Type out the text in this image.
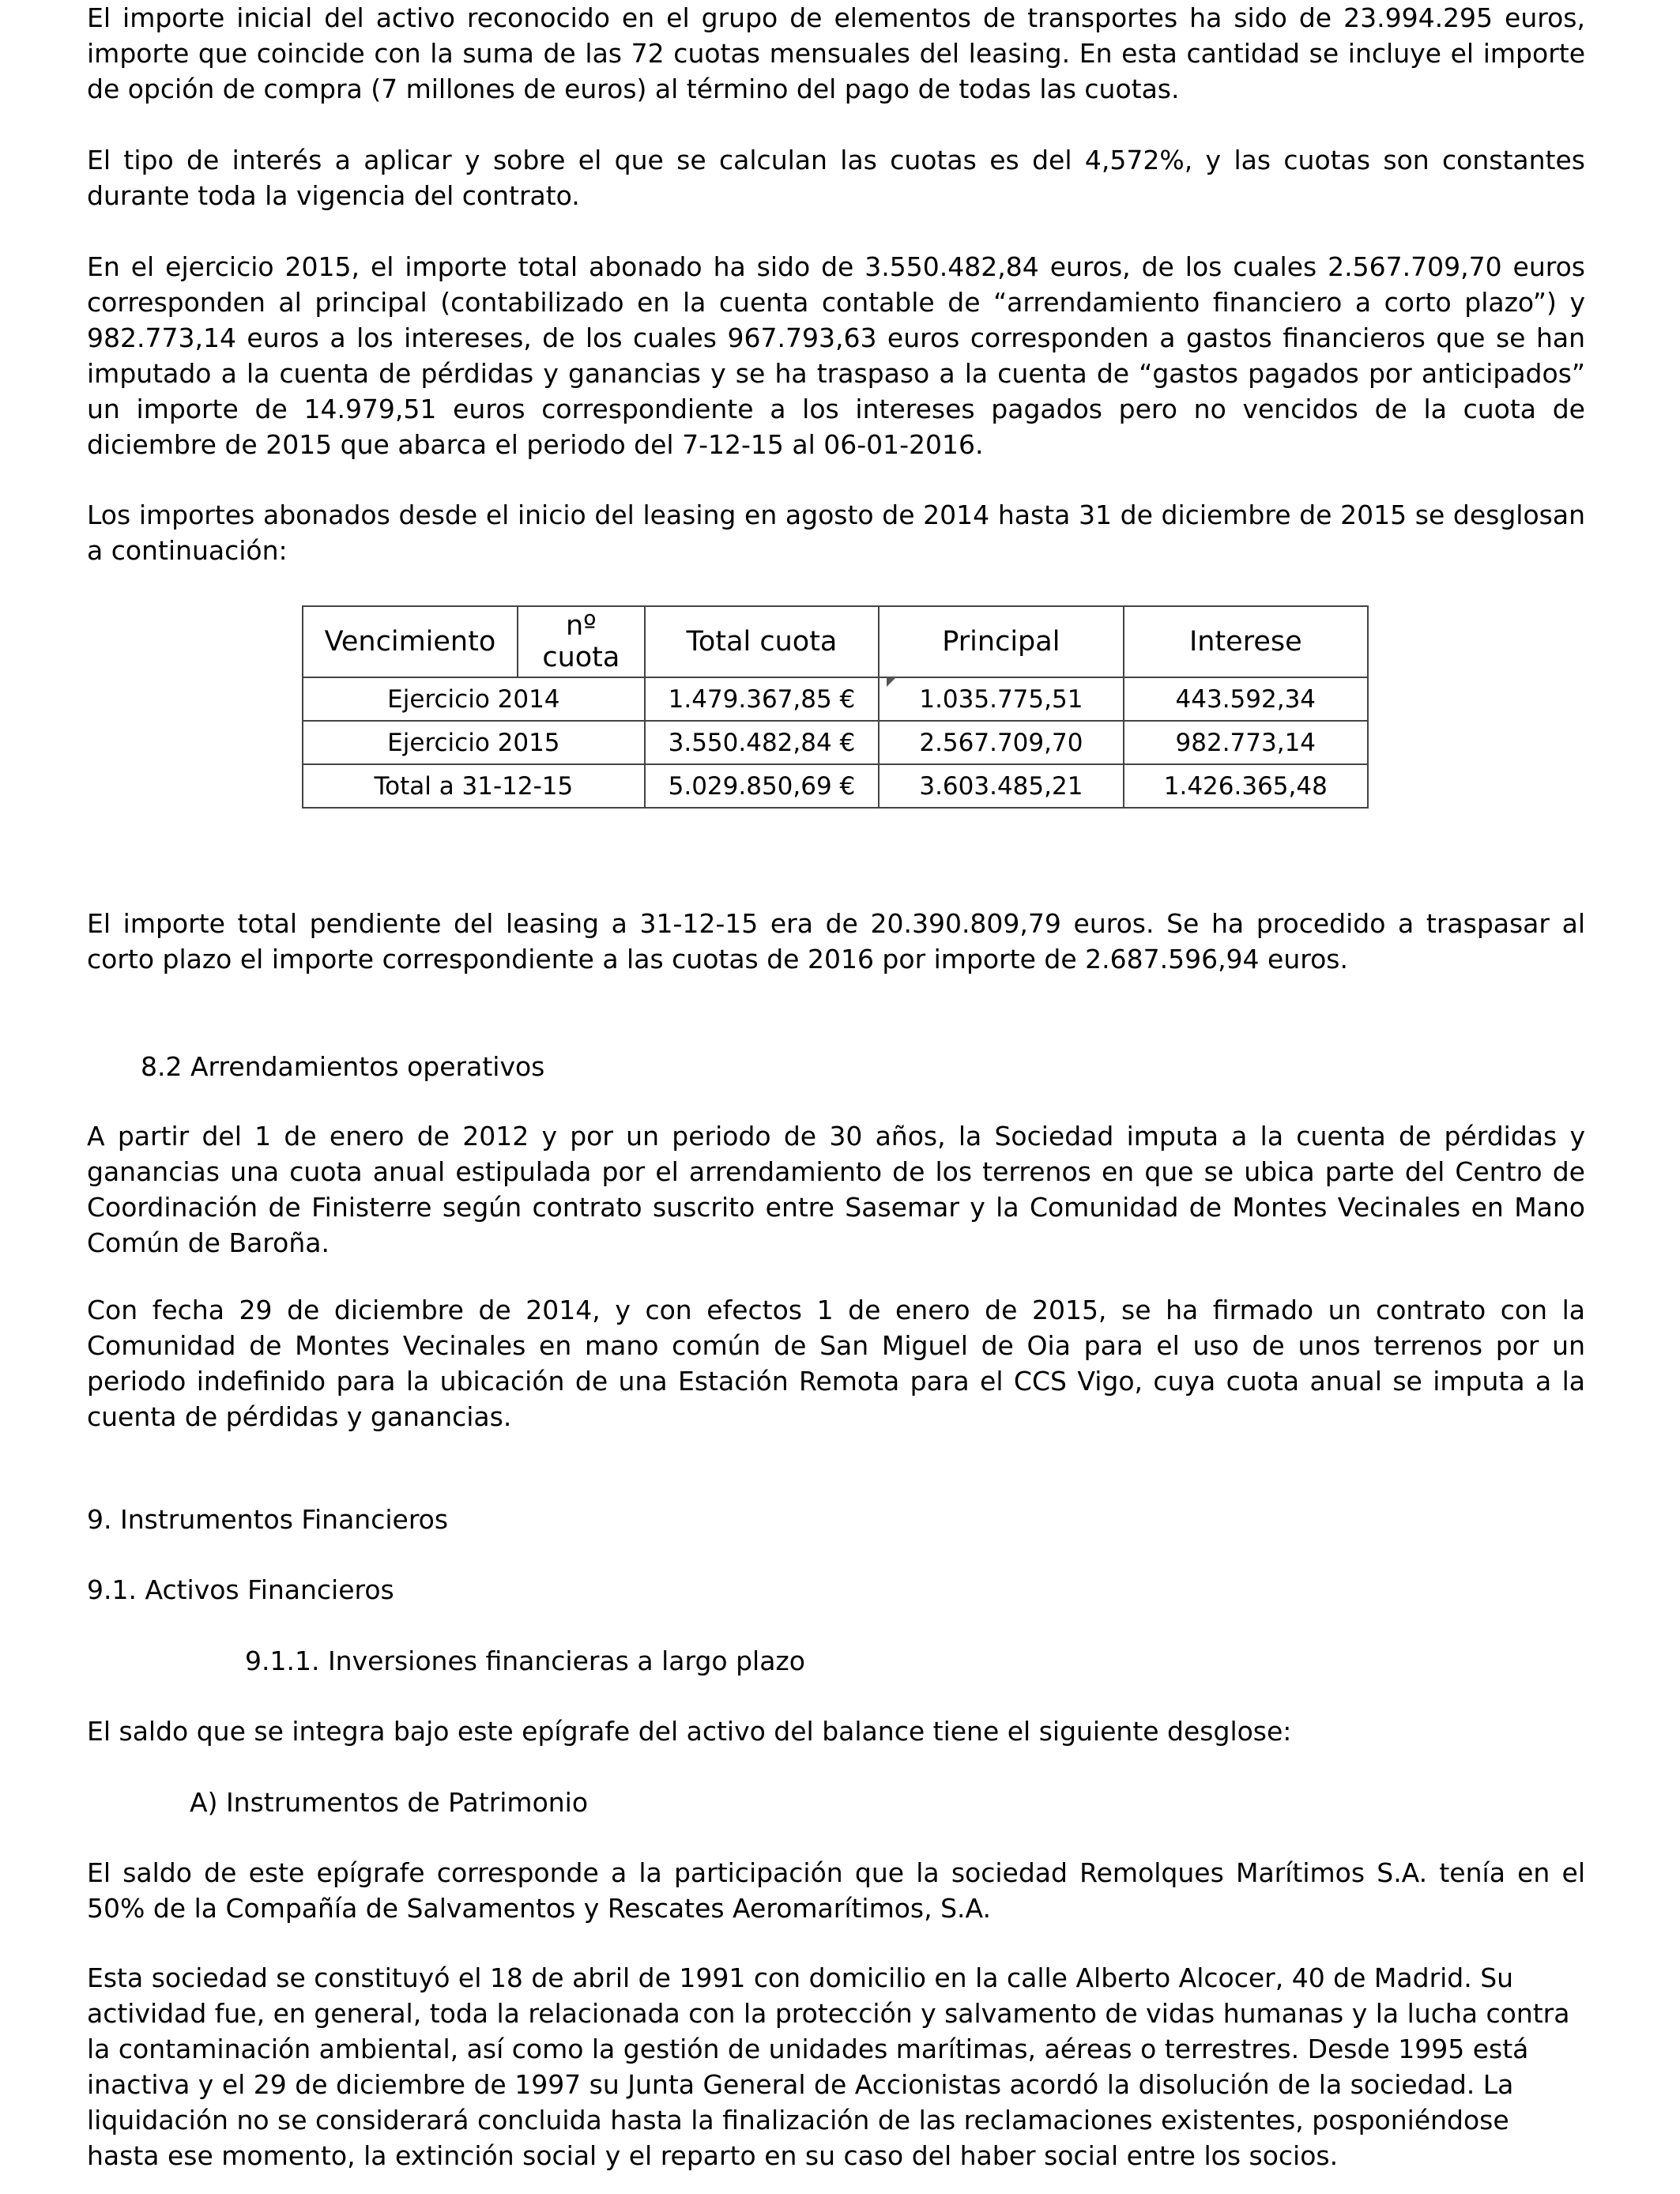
El importe inicial del activo reconocido en el grupo de elementos de transportes ha sido de 23.994.295 euros, importe que coincide con la suma de las 72 cuotas mensuales del leasing. En esta cantidad se incluye el importe de opción de compra (7 millones de euros) al término del pago de todas las cuotas.

El tipo de interés a aplicar y sobre el que se calculan las cuotas es del 4,572%, y las cuotas son constantes durante toda la vigencia del contrato.

En el ejercicio 2015, el importe total abonado ha sido de 3.550.482,84 euros, de los cuales 2.567.709,70 euros corresponden al principal (contabilizado en la cuenta contable de “arrendamiento financiero a corto plazo”) y 982.773,14 euros a los intereses, de los cuales 967.793,63 euros corresponden a gastos financieros que se han imputado a la cuenta de pérdidas y ganancias y se ha traspaso a la cuenta de “gastos pagados por anticipados” un importe de 14.979,51 euros correspondiente a los intereses pagados pero no vencidos de la cuota de diciembre de 2015 que abarca el periodo del 7-12-15 al 06-01-2016.

Los importes abonados desde el inicio del leasing en agosto de 2014 hasta 31 de diciembre de 2015 se desglosan a continuación:

Vencimiento	nº cuota	Total cuota	Principal	Interese
Ejercicio 2014		1.479.367,85 €	1.035.775,51	443.592,34
Ejercicio 2015		3.550.482,84 €	2.567.709,70	982.773,14
Total a 31-12-15		5.029.850,69 €	3.603.485,21	1.426.365,48

El importe total pendiente del leasing a 31-12-15 era de 20.390.809,79 euros. Se ha procedido a traspasar al corto plazo el importe correspondiente a las cuotas de 2016 por importe de 2.687.596,94 euros.

8.2 Arrendamientos operativos

A partir del 1 de enero de 2012 y por un periodo de 30 años, la Sociedad imputa a la cuenta de pérdidas y ganancias una cuota anual estipulada por el arrendamiento de los terrenos en que se ubica parte del Centro de Coordinación de Finisterre según contrato suscrito entre Sasemar y la Comunidad de Montes Vecinales en Mano Común de Baroña.

Con fecha 29 de diciembre de 2014, y con efectos 1 de enero de 2015, se ha firmado un contrato con la Comunidad de Montes Vecinales en mano común de San Miguel de Oia para el uso de unos terrenos por un periodo indefinido para la ubicación de una Estación Remota para el CCS Vigo, cuya cuota anual se imputa a la cuenta de pérdidas y ganancias.

9. Instrumentos Financieros

9.1. Activos Financieros

9.1.1. Inversiones financieras a largo plazo

El saldo que se integra bajo este epígrafe del activo del balance tiene el siguiente desglose:

A) Instrumentos de Patrimonio

El saldo de este epígrafe corresponde a la participación que la sociedad Remolques Marítimos S.A. tenía en el 50% de la Compañía de Salvamentos y Rescates Aeromarítimos, S.A.

Esta sociedad se constituyó el 18 de abril de 1991 con domicilio en la calle Alberto Alcocer, 40 de Madrid. Su actividad fue, en general, toda la relacionada con la protección y salvamento de vidas humanas y la lucha contra la contaminación ambiental, así como la gestión de unidades marítimas, aéreas o terrestres. Desde 1995 está inactiva y el 29 de diciembre de 1997 su Junta General de Accionistas acordó la disolución de la sociedad. La liquidación no se considerará concluida hasta la finalización de las reclamaciones existentes, posponiéndose hasta ese momento, la extinción social y el reparto en su caso del haber social entre los socios.
